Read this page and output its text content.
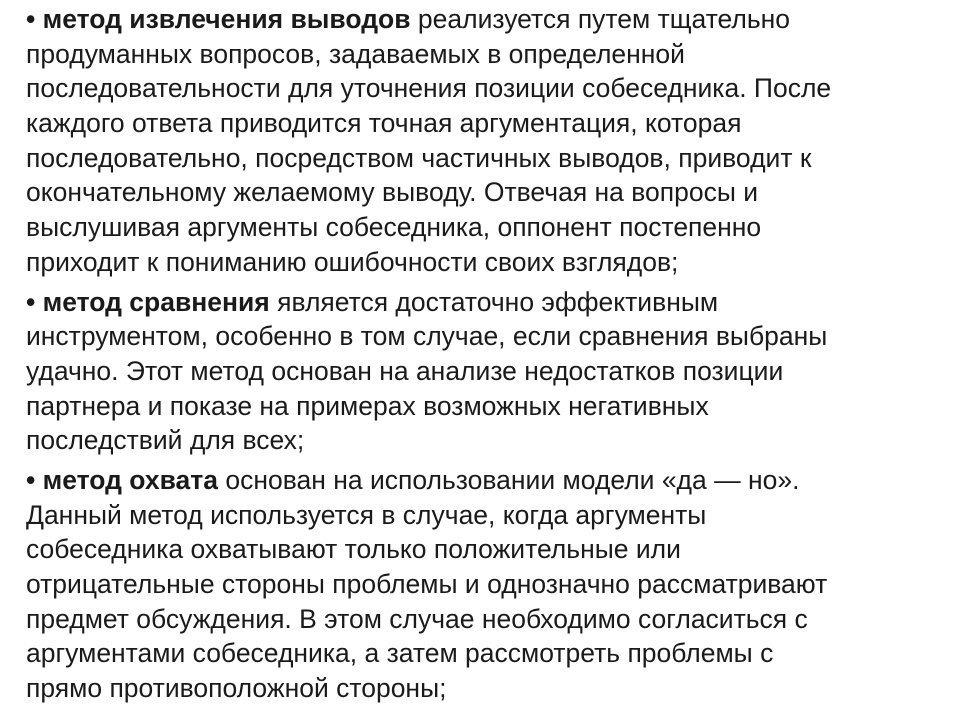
• метод извлечения выводов реализуется путем тщательно
продуманных вопросов, задаваемых в определенной
последовательности для уточнения позиции собеседника. После
каждого ответа приводится точная аргументация, которая
последовательно, посредством частичных выводов, приводит к
окончательному желаемому выводу. Отвечая на вопросы и
выслушивая аргументы собеседника, оппонент постепенно
приходит к пониманию ошибочности своих взглядов;
• метод сравнения является достаточно эффективным
инструментом, особенно в том случае, если сравнения выбраны
удачно. Этот метод основан на анализе недостатков позиции
партнера и показе на примерах возможных негативных
последствий для всех;
• метод охвата основан на использовании модели «да — но».
Данный метод используется в случае, когда аргументы
собеседника охватывают только положительные или
отрицательные стороны проблемы и однозначно рассматривают
предмет обсуждения. В этом случае необходимо согласиться с
аргументами собеседника, а затем рассмотреть проблемы с
прямо противоположной стороны;
